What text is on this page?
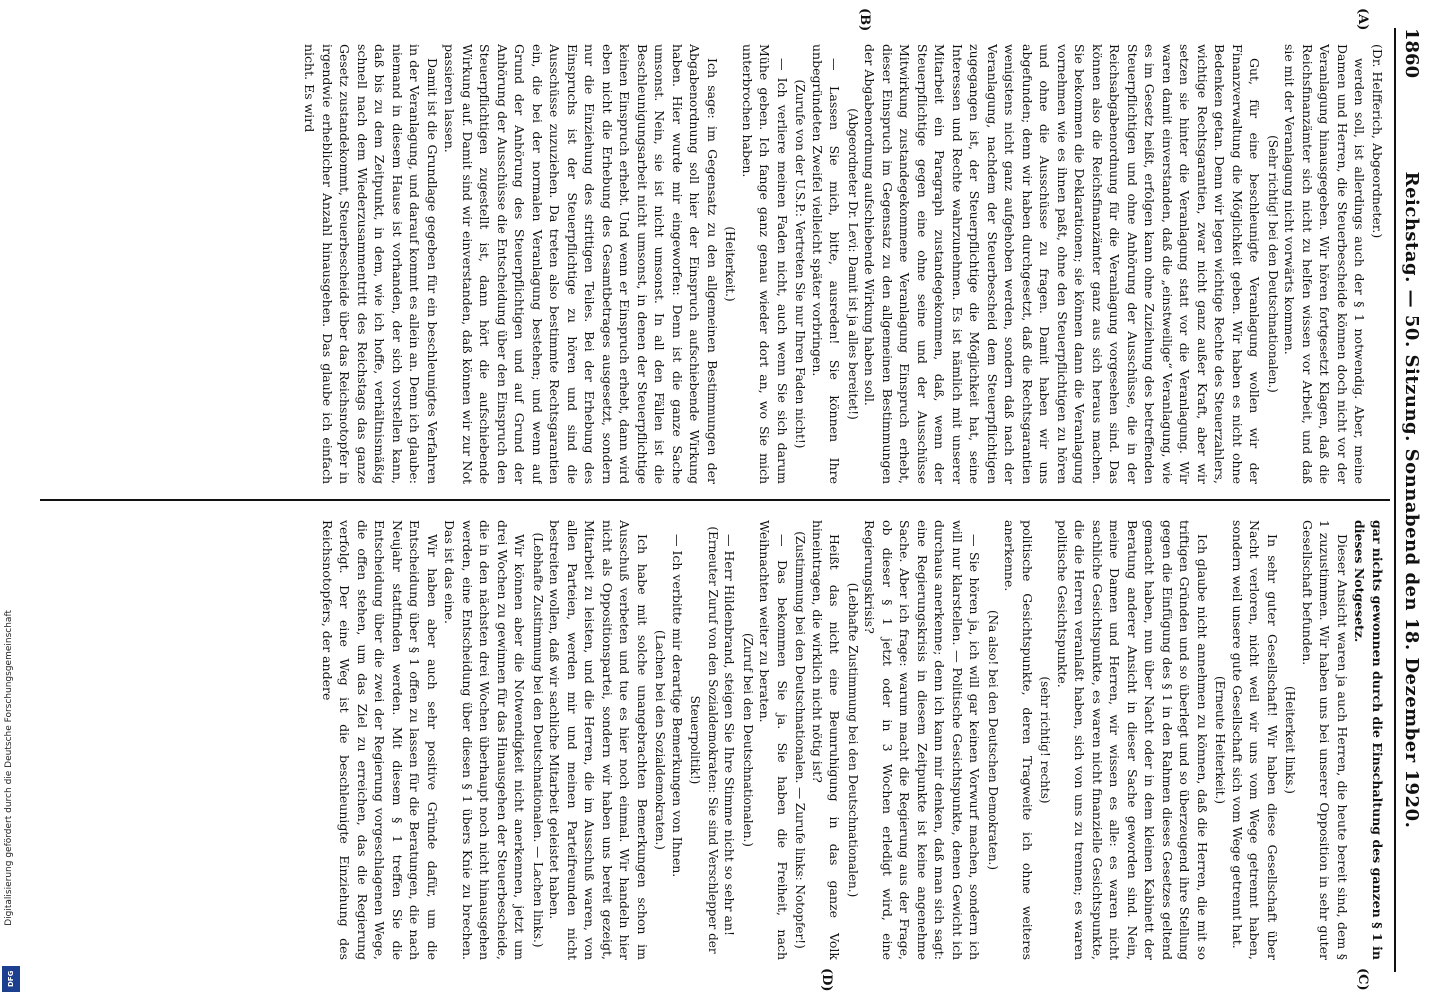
1860
Reichstag. — 50. Sitzung. Sonnabend den 18. Dezember 1920.
(A)
(B)
(C)
(D)

(Dr. Helfferich, Abgeordneter.)

werden soll, ist allerdings auch der § 1 notwendig. Aber, meine Damen und Herren, die Steuerbescheide können doch nicht vor der Veranlagung hinausgegeben. Wir hören fortgesetzt Klagen, daß die Reichsfinanzämter sich nicht zu helfen wissen vor Arbeit, und daß sie mit der Veranlagung nicht vorwärts kommen.

(Sehr richtig! bei den Deutschnationalen.)

Gut, für eine beschleunigte Veranlagung wollen wir der Finanzverwaltung die Möglichkeit geben. Wir haben es nicht ohne Bedenken getan. Denn wir legen wichtige Rechte des Steuerzahlers, wichtige Rechtsgarantien, zwar nicht ganz außer Kraft, aber wir setzen sie hinter die Veranlagung statt vor die Veranlagung. Wir waren damit einverstanden, daß die „einstweilige“ Veranlagung, wie es im Gesetz heißt, erfolgen kann ohne Zuziehung des betreffenden Steuerpflichtigen und ohne Anhörung der Ausschüsse, die in der Reichsabgabenordnung für die Veranlagung vorgesehen sind. Das können also die Reichsfinanzämter ganz aus sich heraus machen. Sie bekommen die Deklarationen; sie können dann die Veranlagung vornehmen wie es ihnen paßt, ohne den Steuerpflichtigen zu hören und ohne die Ausschüsse zu fragen. Damit haben wir uns abgefunden; denn wir haben durchgesetzt, daß die Rechtsgarantien wenigstens nicht ganz aufgehoben werden, sondern daß nach der Veranlagung, nachdem der Steuerbescheid dem Steuerpflichtigen zugegangen ist, der Steuerpflichtige die Möglichkeit hat, seine Interessen und Rechte wahrzunehmen. Es ist nämlich mit unserer Mitarbeit ein Paragraph zustandegekommen, daß, wenn der Steuerpflichtige gegen eine ohne seine und der Ausschüsse Mitwirkung zustandegekommene Veranlagung Einspruch erhebt, dieser Einspruch im Gegensatz zu den allgemeinen Bestimmungen der Abgabenordnung aufschiebende Wirkung haben soll.

(Abgeordneter Dr. Levi: Damit ist ja alles bereitet!)

— Lassen Sie mich, bitte, ausreden! Sie können Ihre unbegründeten Zweifel vielleicht später vorbringen.

(Zurufe von der U.S.P.: Vertreten Sie nur Ihren Faden nicht!)

— Ich verliere meinen Faden nicht, auch wenn Sie sich darum Mühe geben. Ich fange ganz genau wieder dort an, wo Sie mich unterbrochen haben.

(Heiterkeit.)

Ich sage: im Gegensatz zu den allgemeinen Bestimmungen der Abgabenordnung soll hier der Einspruch aufschiebende Wirkung haben. Hier wurde mir eingeworfen: Denn ist die ganze Sache umsonst. Nein, sie ist nicht umsonst. In all den Fällen ist die Beschleunigungsarbeit nicht umsonst, in denen der Steuerpflichtige keinen Einspruch erhebt. Und wenn er Einspruch erhebt, dann wird eben nicht die Erhebung des Gesamtbetrages ausgesetzt, sondern nur die Einziehung des strittigen Teiles. Bei der Erhebung des Einspruchs ist der Steuerpflichtige zu hören und sind die Ausschüsse zuzuziehen. Da treten also bestimmte Rechtsgarantien ein, die bei der normalen Veranlagung bestehen; und wenn auf Grund der Anhörung des Steuerpflichtigen und auf Grund der Anhörung der Ausschüsse die Entscheidung über den Einspruch den Steuerpflichtigen zugestellt ist, dann hört die aufschiebende Wirkung auf. Damit sind wir einverstanden, daß können wir zur Not passieren lassen.

Damit ist die Grundlage gegeben für ein beschleunigtes Verfahren in der Veranlagung, und darauf kommt es allein an. Denn ich glaube: niemand in diesem Hause ist vorhanden, der sich vorstellen kann, daß bis zu dem Zeitpunkt, in dem, wie ich hoffe, verhältnismäßig schnell nach dem Wiederzusammentritt des Reichstags das ganze Gesetz zustandekommt, Steuerbescheide über das Reichsnotopfer in irgendwie erheblicher Anzahl hinausgehen. Das glaube ich einfach nicht. Es wird

gar nichts gewonnen durch die Einschaltung des ganzen § 1 in dieses Notgesetz.

Dieser Ansicht waren ja auch Herren, die heute bereit sind, dem § 1 zuzustimmen. Wir haben uns bei unserer Opposition in sehr guter Gesellschaft befunden.

(Heiterkeit links.)

In sehr guter Gesellschaft! Wir haben diese Gesellschaft über Nacht verloren, nicht weil wir uns vom Wege getrennt haben, sondern weil unsere gute Gesellschaft sich vom Wege getrennt hat.

(Erneute Heiterkeit.)

Ich glaube nicht annehmen zu können, daß die Herren, die mit so triftigen Gründen und so überlegt und so überzeugend ihre Stellung gegen die Einfügung des § 1 in den Rahmen dieses Gesetzes geltend gemacht haben, nun über Nacht oder in dem kleinen Kabinett der Beratung anderer Ansicht in dieser Sache geworden sind. Nein, meine Damen und Herren, wir wissen es alle: es waren nicht sachliche Gesichtspunkte, es waren nicht finanzielle Gesichtspunkte, die die Herren veranlaßt haben, sich von uns zu trennen; es waren politische Gesichtspunkte.

(sehr richtig! rechts)

politische Gesichtspunkte, deren Tragweite ich ohne weiteres anerkenne.

(Na also! bei den Deutschen Demokraten.)

— Sie hören ja, ich will gar keinen Vorwurf machen, sondern ich will nur klarstellen. — Politische Gesichtspunkte, denen Gewicht ich durchaus anerkenne; denn ich kann mir denken, daß man sich sagt: eine Regierungskrisis in diesem Zeitpunkte ist keine angenehme Sache. Aber ich frage: warum macht die Regierung aus der Frage, ob dieser § 1 jetzt oder in 3 Wochen erledigt wird, eine Regierungskrisis?

(Lebhafte Zustimmung bei den Deutschnationalen.)

Heißt das nicht eine Beunruhigung in das ganze Volk hineintragen, die wirklich nicht nötig ist?

(Zustimmung bei den Deutschnationalen. — Zurufe links: Notopfer!)

— Das bekommen Sie ja. Sie haben die Freiheit, nach Weihnachten weiter zu beraten.

(Zuruf bei den Deutschnationalen.)

— Herr Hildenbrand, steigen Sie Ihre Stimme nicht so sehr an!

(Erneuter Zuruf von den Sozialdemokraten: Sie sind Verschlepper der Steuerpolitik!)

— Ich verbitte mir derartige Bemerkungen von Ihnen.

(Lachen bei den Sozialdemokraten.)

Ich habe mit solche unangebrachten Bemerkungen schon im Ausschuß verbeten und tue es hier noch einmal. Wir handeln hier nicht als Oppositionspartei, sondern wir haben uns bereit gezeigt, Mitarbeit zu leisten, und die Herren, die im Ausschuß waren, von allen Parteien, werden mir und meinen Parteifreunden nicht bestreiten wollen, daß wir sachliche Mitarbeit geleistet haben.

(Lebhafte Zustimmung bei den Deutschnationalen. — Lachen links.)

Wir können aber die Notwendigkeit nicht anerkennen, jetzt um drei Wochen zu gewinnen für das Hinausgehen der Steuerbescheide, die in den nächsten drei Wochen überhaupt noch nicht hinausgehen werden, eine Entscheidung über diesen § 1 übers Knie zu brechen. Das ist das eine.

Wir haben aber auch sehr positive Gründe dafür, um die Entscheidung über § 1 offen zu lassen für die Beratungen, die nach Neujahr stattfinden werden. Mit diesem § 1 treffen Sie die Entscheidung über die zwei der Regierung vorgeschlagenen Wege, die offen stehen, um das Ziel zu erreichen, das die Regierung verfolgt. Der eine Weg ist die beschleunigte Einziehung des Reichsnotopfers, der andere

Digitalisierung gefördert durch die Deutsche Forschungsgemeinschaft
DFG
